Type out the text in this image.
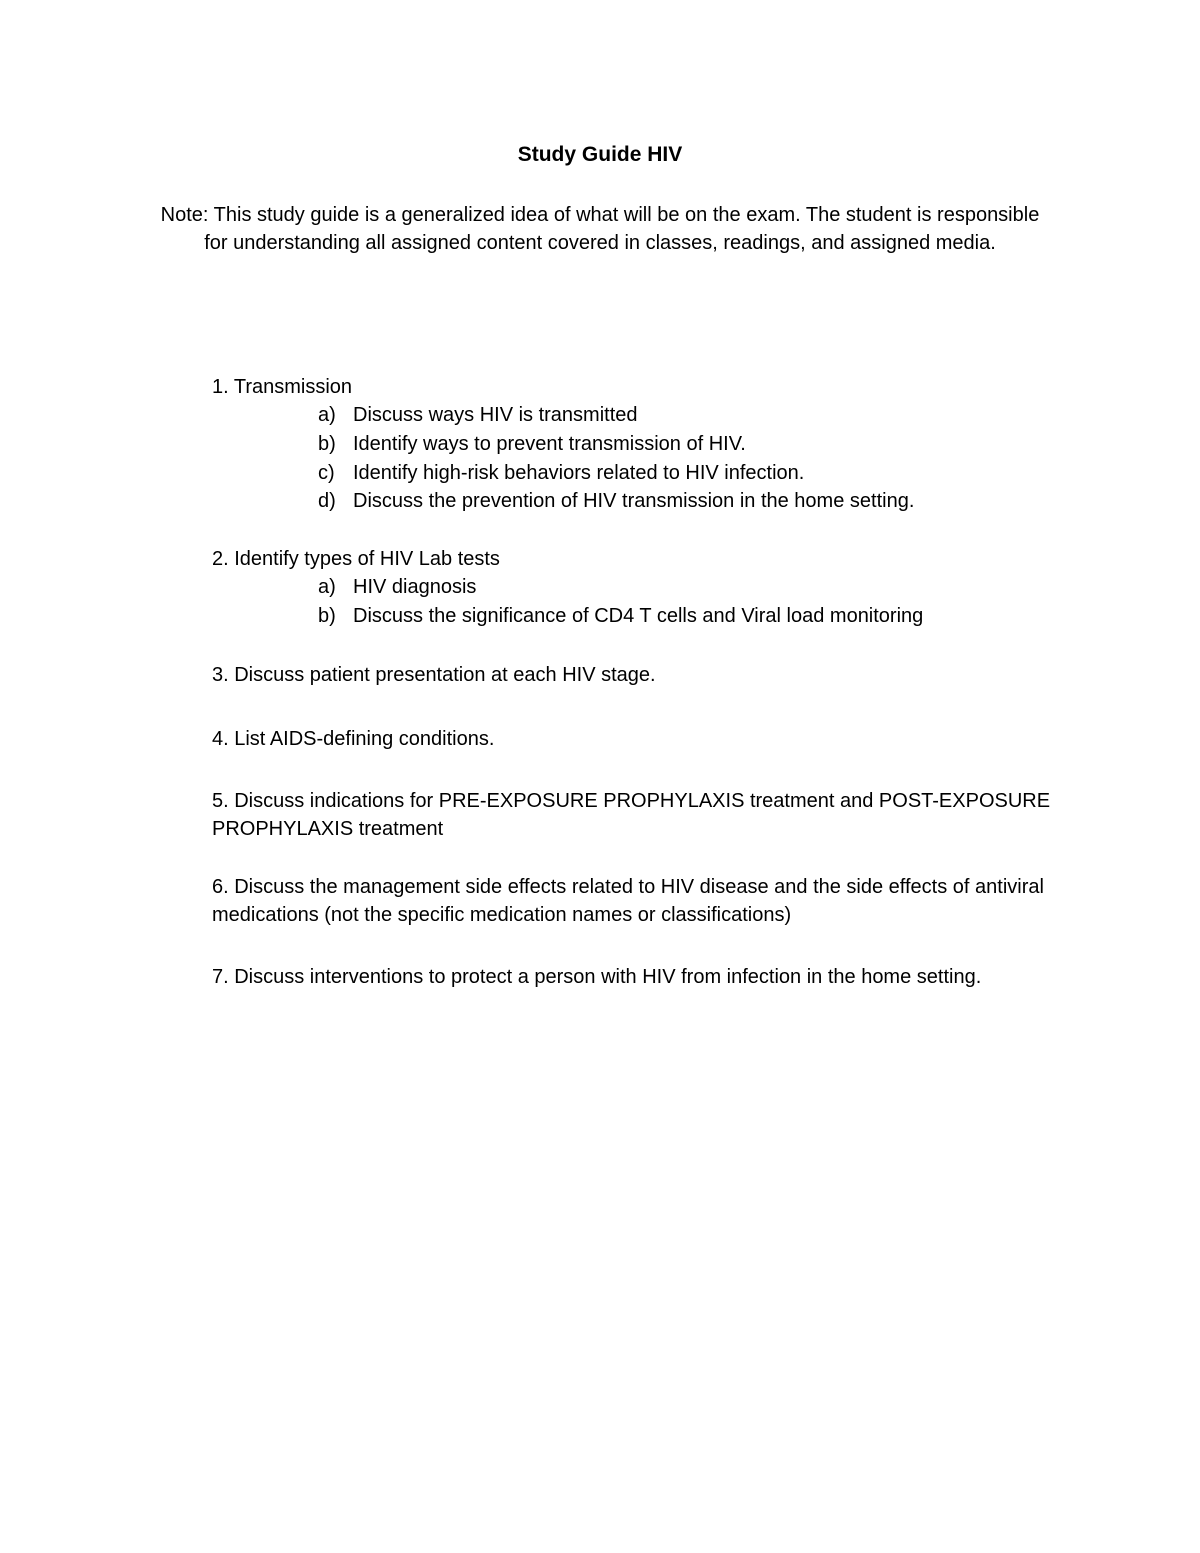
Study Guide HIV
Note: This study guide is a generalized idea of what will be on the exam. The student is responsible for understanding all assigned content covered in classes, readings, and assigned media.
1. Transmission
a) Discuss ways HIV is transmitted
b) Identify ways to prevent transmission of HIV.
c) Identify high-risk behaviors related to HIV infection.
d) Discuss the prevention of HIV transmission in the home setting.
2. Identify types of HIV Lab tests
a) HIV diagnosis
b) Discuss the significance of CD4 T cells and Viral load monitoring
3. Discuss patient presentation at each HIV stage.
4. List AIDS-defining conditions.
5. Discuss indications for PRE-EXPOSURE PROPHYLAXIS treatment and POST-EXPOSURE PROPHYLAXIS treatment
6. Discuss the management side effects related to HIV disease and the side effects of antiviral medications (not the specific medication names or classifications)
7. Discuss interventions to protect a person with HIV from infection in the home setting.
